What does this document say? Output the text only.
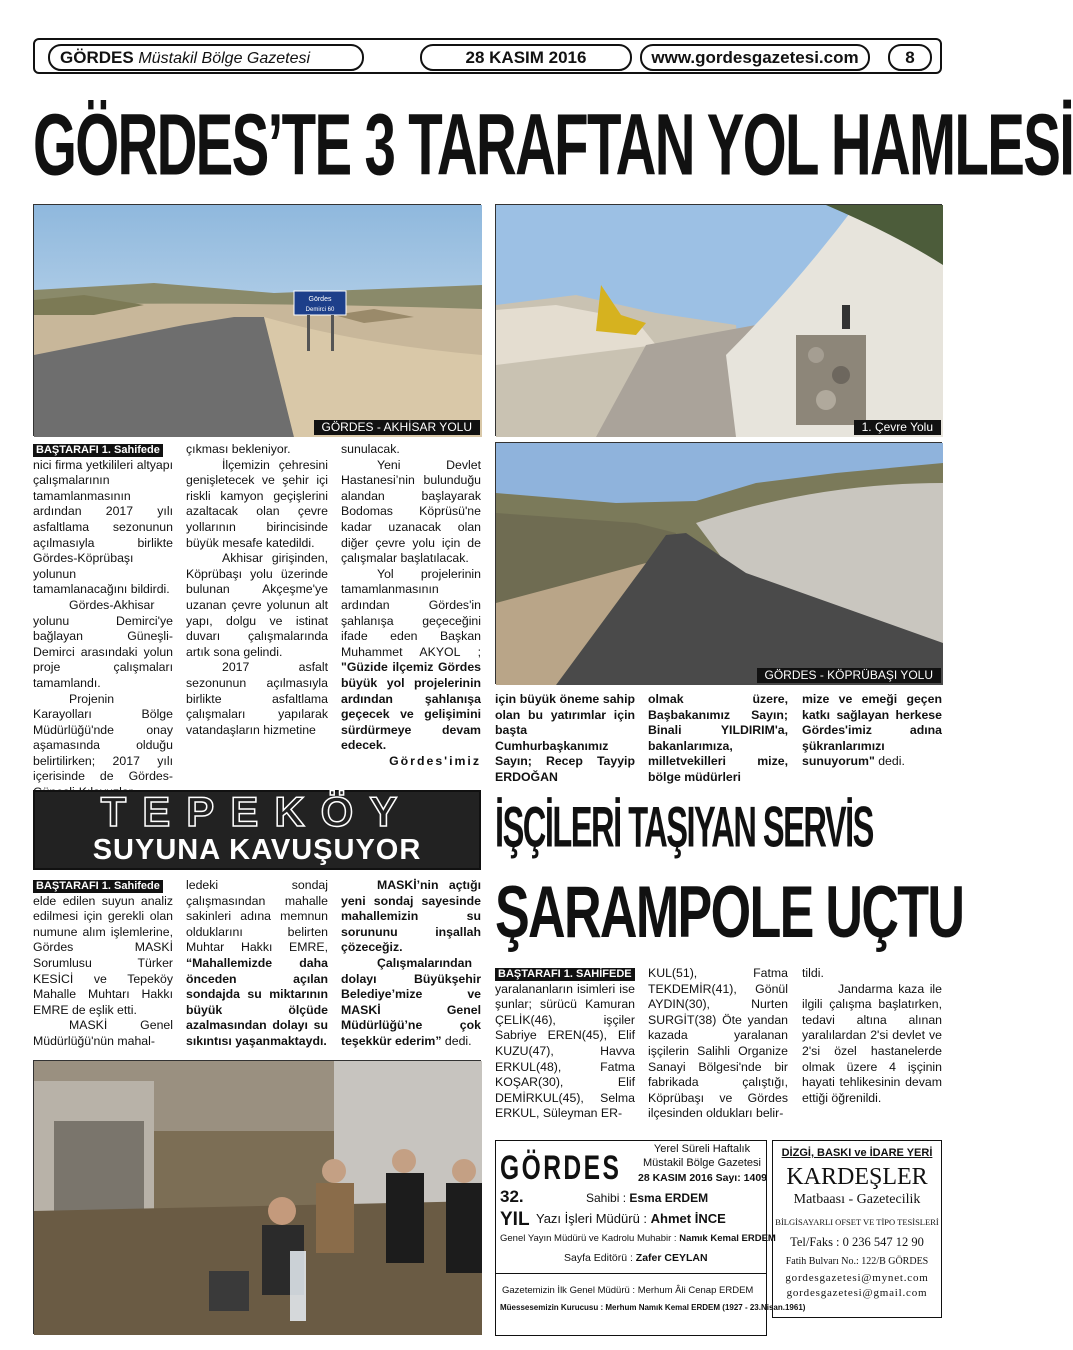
GÖRDES Müstakil Bölge Gazetesi	28 KASIM 2016	www.gordesgazetesi.com	8
GÖRDES’TE 3 TARAFTAN YOL HAMLESİ
Gördes
Demirci 60
GÖRDES - AKHİSAR YOLU	1. Çevre Yolu
GÖRDES - KÖPRÜBAŞI YOLU

BAŞTARAFI 1. Sahifede

nici firma yetkilileri altyapı çalışmalarının tamamlanmasının ardından 2017 yılı asfaltlama sezonunun açılmasıyla birlikte Gördes-Köprübaşı yolunun tamamlanacağını bildirdi.

Gördes-Akhisar yolunu Demirci'ye bağlayan Güneşli-Demirci arasındaki yolun proje çalışmaları tamamlandı.

Projenin Karayolları Bölge Müdürlüğü'nde onay aşamasında olduğu belirtilirken; 2017 yılı içerisinde de Gördes-

çıkması bekleniyor.

İlçemizin çehresini genişletecek ve şehir içi riskli kamyon geçişlerini azaltacak olan çevre yollarının birincisinde büyük mesafe katedildi.

Akhisar girişinden, Köprübaşı yolu üzerinde bulunan Akçeşme'ye uzanan çevre yolunun alt yapı, dolgu ve istinat duvarı çalışmalarında artık sona gelindi.

2017 asfalt sezonunun açılmasıyla birlikte asfaltlama çalışmaları yapılarak vatandaşların hizmetine

sunulacak.

Yeni Devlet Hastanesi’nin bulunduğu alandan başlayarak Bodomas Köprüsü'ne kadar uzanacak olan diğer çevre yolu için de çalışmalar başlatılacak.

Yol projelerinin tamamlanmasının ardından Gördes'in şahlanışa geçeceğini ifade eden Başkan Muhammet AKYOL ; "Güzide ilçemiz Gördes büyük yol projelerinin ardından şahlanışa geçecek ve gelişimini sürdürmeye devam edecek.

Gördes'imiz

için büyük öneme sahip olan bu yatırımlar için başta Cumhurbaşkanımız Sayın; Recep Tayyip ERDOĞAN

olmak üzere, Başbakanımız Sayın; Binali YILDIRIM'a, bakanlarımıza, milletvekilleri mize, bölge müdürleri

mize ve emeği geçen katkı sağlayan herkese Gördes'imiz adına şükranlarımızı sunuyorum" dedi.

TEPEKÖY
SUYUNA KAVUŞUYOR

BAŞTARAFI 1. Sahifede

elde edilen suyun analiz edilmesi için gerekli olan numune alım işlemlerine, Gördes MASKİ Sorumlusu Türker KESİCİ ve Tepeköy Mahalle Muhtarı Hakkı EMRE de eşlik etti.

MASKİ Genel Müdürlüğü'nün mahal-

ledeki sondaj çalışmasından mahalle sakinleri adına memnun olduklarını belirten Muhtar Hakkı EMRE, “Mahallemizde daha önceden açılan sondajda su miktarının büyük ölçüde azalmasından dolayı su sıkıntısı yaşanmaktaydı.

MASKİ’nin açtığı yeni sondaj sayesinde mahallemizin su sorununu inşallah çözeceğiz.

Çalışmalarından dolayı Büyükşehir Belediye’mize ve MASKİ Genel Müdürlüğü’ne çok teşekkür ederim” dedi.

İŞÇİLERİ TAŞIYAN SERVİS
ŞARAMPOLE UÇTU

BAŞTARAFI 1. SAHİFEDE

yaralananların isimleri ise şunlar; sürücü Kamuran ÇELİK(46), işçiler Sabriye EREN(45), Elif KUZU(47), Havva ERKUL(48), Fatma KOŞAR(30), Elif DEMİRKUL(45), Selma ERKUL, Süleyman ER-

KUL(51), Fatma TEKDEMİR(41), Gönül AYDIN(30), Nurten SURGİT(38) Öte yandan kazada yaralanan işçilerin Salihli Organize Sanayi Bölgesi'nde bir fabrikada çalıştığı, Köprübaşı ve Gördes ilçesinden oldukları belir-

tildi.

Jandarma kaza ile ilgili çalışma başlatırken, tedavi altına alınan yaralılardan 2'si devlet ve 2'si özel hastanelerde olmak üzere 4 işçinin hayati tehlikesinin devam ettiği öğrenildi.

GÖRDES	Yerel Süreli Haftalık
Müstakil Bölge Gazetesi
28 KASIM 2016 Sayı: 1409
32.	Sahibi : Esma ERDEM
YIL Yazı İşleri Müdürü : Ahmet İNCE
Genel Yayın Müdürü ve Kadrolu Muhabir : Namık Kemal ERDEM
Sayfa Editörü : Zafer CEYLAN
Gazetemizin İlk Genel Müdürü : Merhum Âli Cenap ERDEM
Müessesemizin Kurucusu : Merhum Namık Kemal ERDEM (1927 - 23.Nisan.1961)
DİZGİ, BASKI ve İDARE YERİ
KARDEŞLER
Matbaası - Gazetecilik
BİLGİSAYARLI OFSET VE TİPO TESİSLERİ
Tel/Faks : 0 236 547 12 90
Fatih Bulvarı No.: 122/B GÖRDES
gordesgazetesi@mynet.com
gordesgazetesi@gmail.com
